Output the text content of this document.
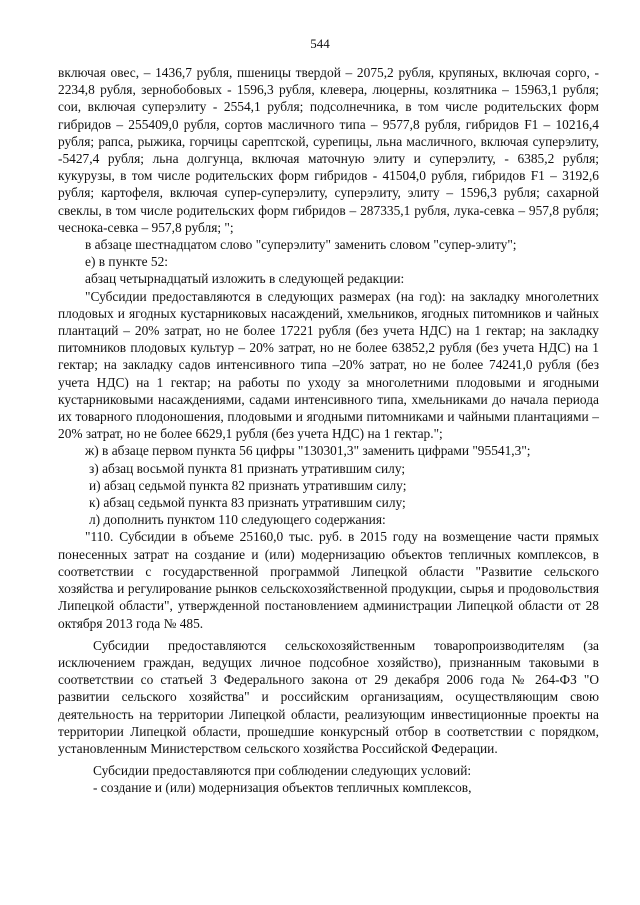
544

включая овес, – 1436,7 рубля, пшеницы твердой – 2075,2 рубля, крупяных, включая сорго, - 2234,8 рубля, зернобобовых - 1596,3 рубля, клевера, люцерны, козлятника – 15963,1 рубля; сои, включая суперэлиту - 2554,1 рубля; подсолнечника, в том числе родительских форм гибридов – 255409,0 рубля, сортов масличного типа – 9577,8 рубля, гибридов F1 – 10216,4 рубля; рапса, рыжика, горчицы сарептской, сурепицы, льна масличного, включая суперэлиту, -5427,4 рубля; льна долгунца, включая маточную элиту и суперэлиту, - 6385,2 рубля; кукурузы, в том числе родительских форм гибридов - 41504,0 рубля, гибридов F1 – 3192,6 рубля; картофеля, включая супер-суперэлиту, суперэлиту, элиту – 1596,3 рубля; сахарной свеклы, в том числе родительских форм гибридов – 287335,1 рубля, лука-севка – 957,8 рубля; чеснока-севка – 957,8 рубля; ";

в абзаце шестнадцатом слово "суперэлиту" заменить словом "супер-элиту";

е) в пункте 52:

абзац четырнадцатый изложить в следующей редакции:

"Субсидии предоставляются в следующих размерах (на год): на закладку многолетних плодовых и ягодных кустарниковых насаждений, хмельников, ягодных питомников и чайных плантаций – 20% затрат, но не более 17221 рубля (без учета НДС) на 1 гектар; на закладку питомников плодовых культур – 20% затрат, но не более 63852,2 рубля (без учета НДС) на 1 гектар; на закладку садов интенсивного типа –20% затрат, но не более 74241,0 рубля (без учета НДС) на 1 гектар; на работы по уходу за многолетними плодовыми и ягодными кустарниковыми насаждениями, садами интенсивного типа, хмельниками до начала периода их товарного плодоношения, плодовыми и ягодными питомниками и чайными плантациями – 20% затрат, но не более 6629,1 рубля (без учета НДС) на 1 гектар.";

ж) в абзаце первом пункта 56 цифры "130301,3" заменить цифрами "95541,3";

з) абзац восьмой пункта 81 признать утратившим силу;

и) абзац седьмой пункта 82 признать утратившим силу;

к) абзац седьмой пункта 83 признать утратившим силу;

л) дополнить пунктом 110 следующего содержания:

"110. Субсидии в объеме 25160,0 тыс. руб. в 2015 году на возмещение части прямых понесенных затрат на создание и (или) модернизацию объектов тепличных комплексов, в соответствии с государственной программой Липецкой области "Развитие сельского хозяйства и регулирование рынков сельскохозяйственной продукции, сырья и продовольствия Липецкой области", утвержденной постановлением администрации Липецкой области от 28 октября 2013 года № 485.

Субсидии предоставляются сельскохозяйственным товаропроизводителям (за исключением граждан, ведущих личное подсобное хозяйство), признанным таковыми в соответствии со статьей 3 Федерального закона от 29 декабря 2006 года № 264-ФЗ "О развитии сельского хозяйства" и российским организациям, осуществляющим свою деятельность на территории Липецкой области, реализующим инвестиционные проекты на территории Липецкой области, прошедшие конкурсный отбор в соответствии с порядком, установленным Министерством сельского хозяйства Российской Федерации.

Субсидии предоставляются при соблюдении следующих условий:

- создание и (или) модернизация объектов тепличных комплексов,
